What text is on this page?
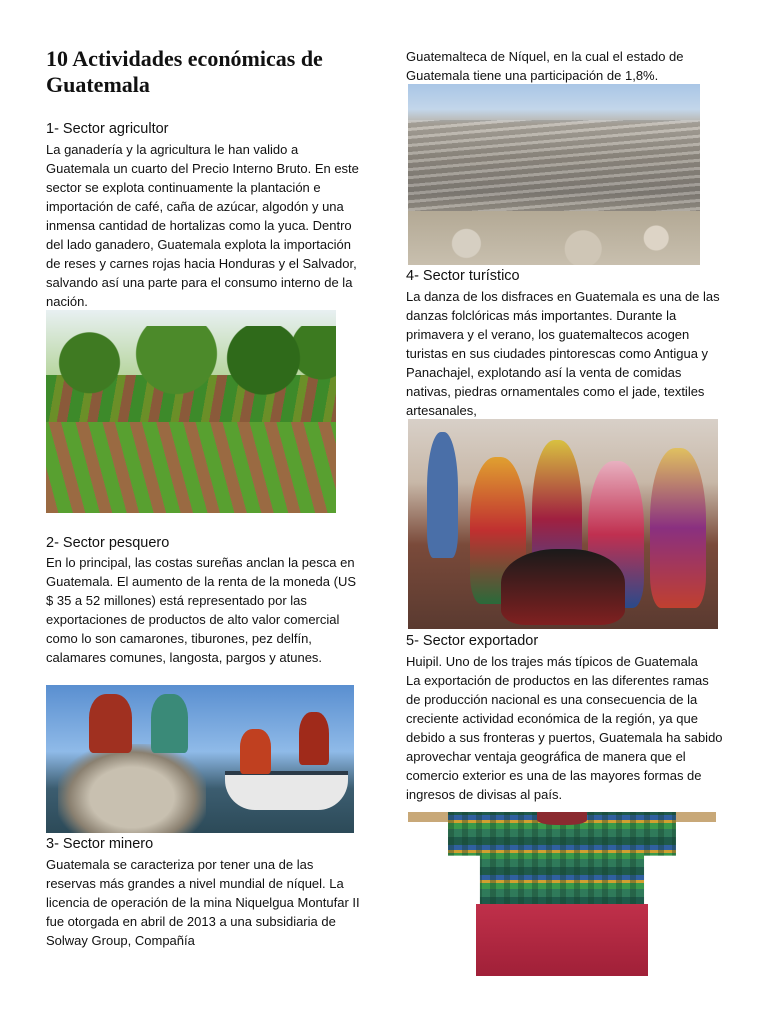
10 Actividades económicas de Guatemala
1- Sector agricultor

La ganadería y la agricultura le han valido a Guatemala un cuarto del Precio Interno Bruto. En este sector se explota continuamente la plantación e importación de café, caña de azúcar, algodón y una inmensa cantidad de hortalizas como la yuca. Dentro del lado ganadero, Guatemala explota la importación de reses y carnes rojas hacia Honduras y el Salvador, salvando así una parte para el consumo interno de la nación.

2- Sector pesquero

En lo principal, las costas sureñas anclan la pesca en Guatemala. El aumento de la renta de la moneda (US $ 35 a 52 millones) está representado por las exportaciones de productos de alto valor comercial como lo son camarones, tiburones, pez delfín, calamares comunes, langosta, pargos y atunes.

3- Sector minero

Guatemala se caracteriza por tener una de las reservas más grandes a nivel mundial de níquel. La licencia de operación de la mina Niquelgua Montufar II fue otorgada en abril de 2013 a una subsidiaria de Solway Group, Compañía

Guatemalteca de Níquel, en la cual el estado de Guatemala tiene una participación de 1,8%.

4- Sector turístico

La danza de los disfraces en Guatemala es una de las danzas folclóricas más importantes. Durante la primavera y el verano, los guatemaltecos acogen turistas en sus ciudades pintorescas como Antigua y Panachajel, explotando así la venta de comidas nativas, piedras ornamentales como el jade, textiles artesanales,

5- Sector exportador

Huipil. Uno de los trajes más típicos de Guatemala

La exportación de productos en las diferentes ramas de producción nacional es una consecuencia de la creciente actividad económica de la región, ya que debido a sus fronteras y puertos, Guatemala ha sabido aprovechar ventaja geográfica de manera que el comercio exterior es una de las mayores formas de ingresos de divisas al país.
